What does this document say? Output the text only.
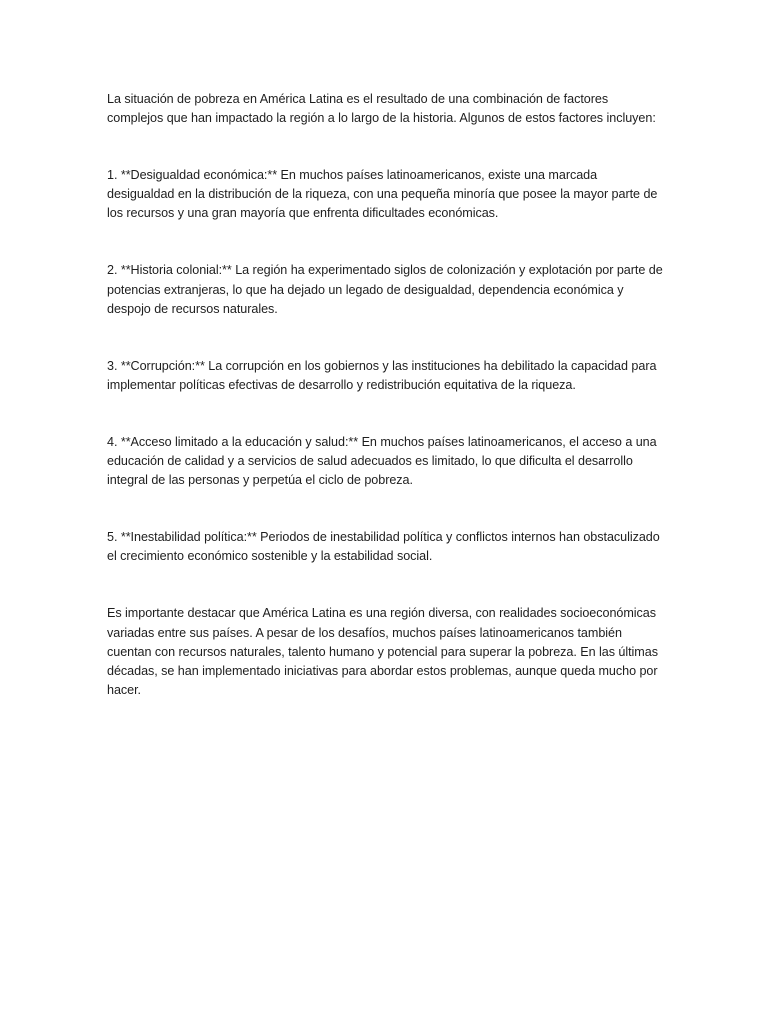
La situación de pobreza en América Latina es el resultado de una combinación de factores complejos que han impactado la región a lo largo de la historia. Algunos de estos factores incluyen:

1. **Desigualdad económica:** En muchos países latinoamericanos, existe una marcada desigualdad en la distribución de la riqueza, con una pequeña minoría que posee la mayor parte de los recursos y una gran mayoría que enfrenta dificultades económicas.

2. **Historia colonial:** La región ha experimentado siglos de colonización y explotación por parte de potencias extranjeras, lo que ha dejado un legado de desigualdad, dependencia económica y despojo de recursos naturales.

3. **Corrupción:** La corrupción en los gobiernos y las instituciones ha debilitado la capacidad para implementar políticas efectivas de desarrollo y redistribución equitativa de la riqueza.

4. **Acceso limitado a la educación y salud:** En muchos países latinoamericanos, el acceso a una educación de calidad y a servicios de salud adecuados es limitado, lo que dificulta el desarrollo integral de las personas y perpetúa el ciclo de pobreza.

5. **Inestabilidad política:** Periodos de inestabilidad política y conflictos internos han obstaculizado el crecimiento económico sostenible y la estabilidad social.

Es importante destacar que América Latina es una región diversa, con realidades socioeconómicas variadas entre sus países. A pesar de los desafíos, muchos países latinoamericanos también cuentan con recursos naturales, talento humano y potencial para superar la pobreza. En las últimas décadas, se han implementado iniciativas para abordar estos problemas, aunque queda mucho por hacer.
